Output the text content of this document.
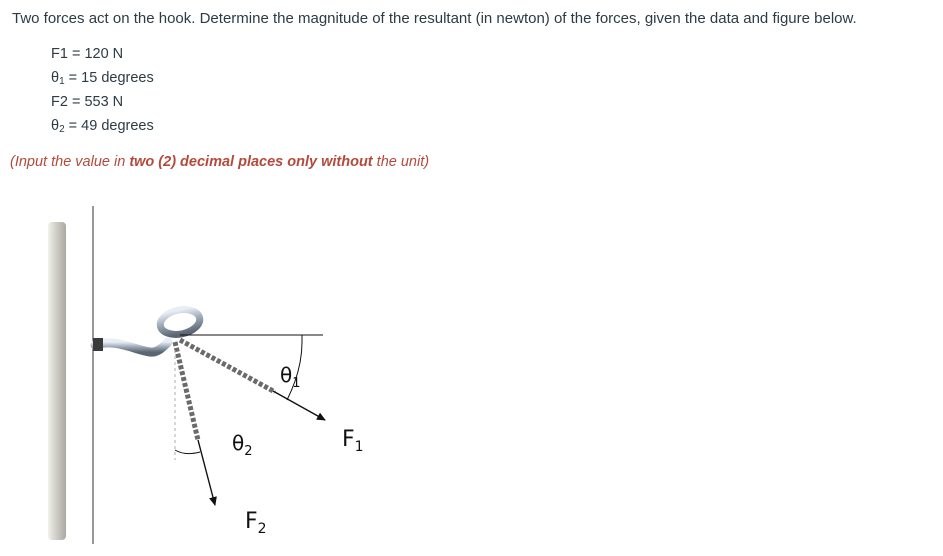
Two forces act on the hook. Determine the magnitude of the resultant (in newton) of the forces, given the data and figure below.
F1 = 120 N
$\theta_1 = 15$ degrees
F2 = 553 N
$\theta_2 = 49$ degrees
(Input the value in two (2) decimal places only without the unit)
$\theta_1$
$F_1$
$\theta_2$
$F_2$
